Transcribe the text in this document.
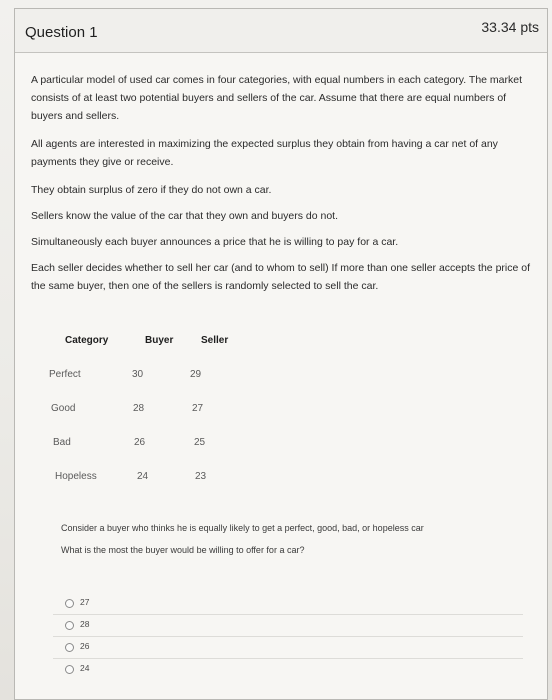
Question 1	33.34 pts
A particular model of used car comes in four categories, with equal numbers in each category. The market consists of at least two potential buyers and sellers of the car. Assume that there are equal numbers of buyers and sellers.
All agents are interested in maximizing the expected surplus they obtain from having a car net of any payments they give or receive.
They obtain surplus of zero if they do not own a car.
Sellers know the value of the car that they own and buyers do not.
Simultaneously each buyer announces a price that he is willing to pay for a car.
Each seller decides whether to sell her car (and to whom to sell) If more than one seller accepts the price of the same buyer, then one of the sellers is randomly selected to sell the car.
Category	Buyer	Seller
Perfect	30	29
Good	28	27
Bad	26	25
Hopeless	24	23
Consider a buyer who thinks he is equally likely to get a perfect, good, bad, or hopeless car
What is the most the buyer would be willing to offer for a car?
27
28
26
24
